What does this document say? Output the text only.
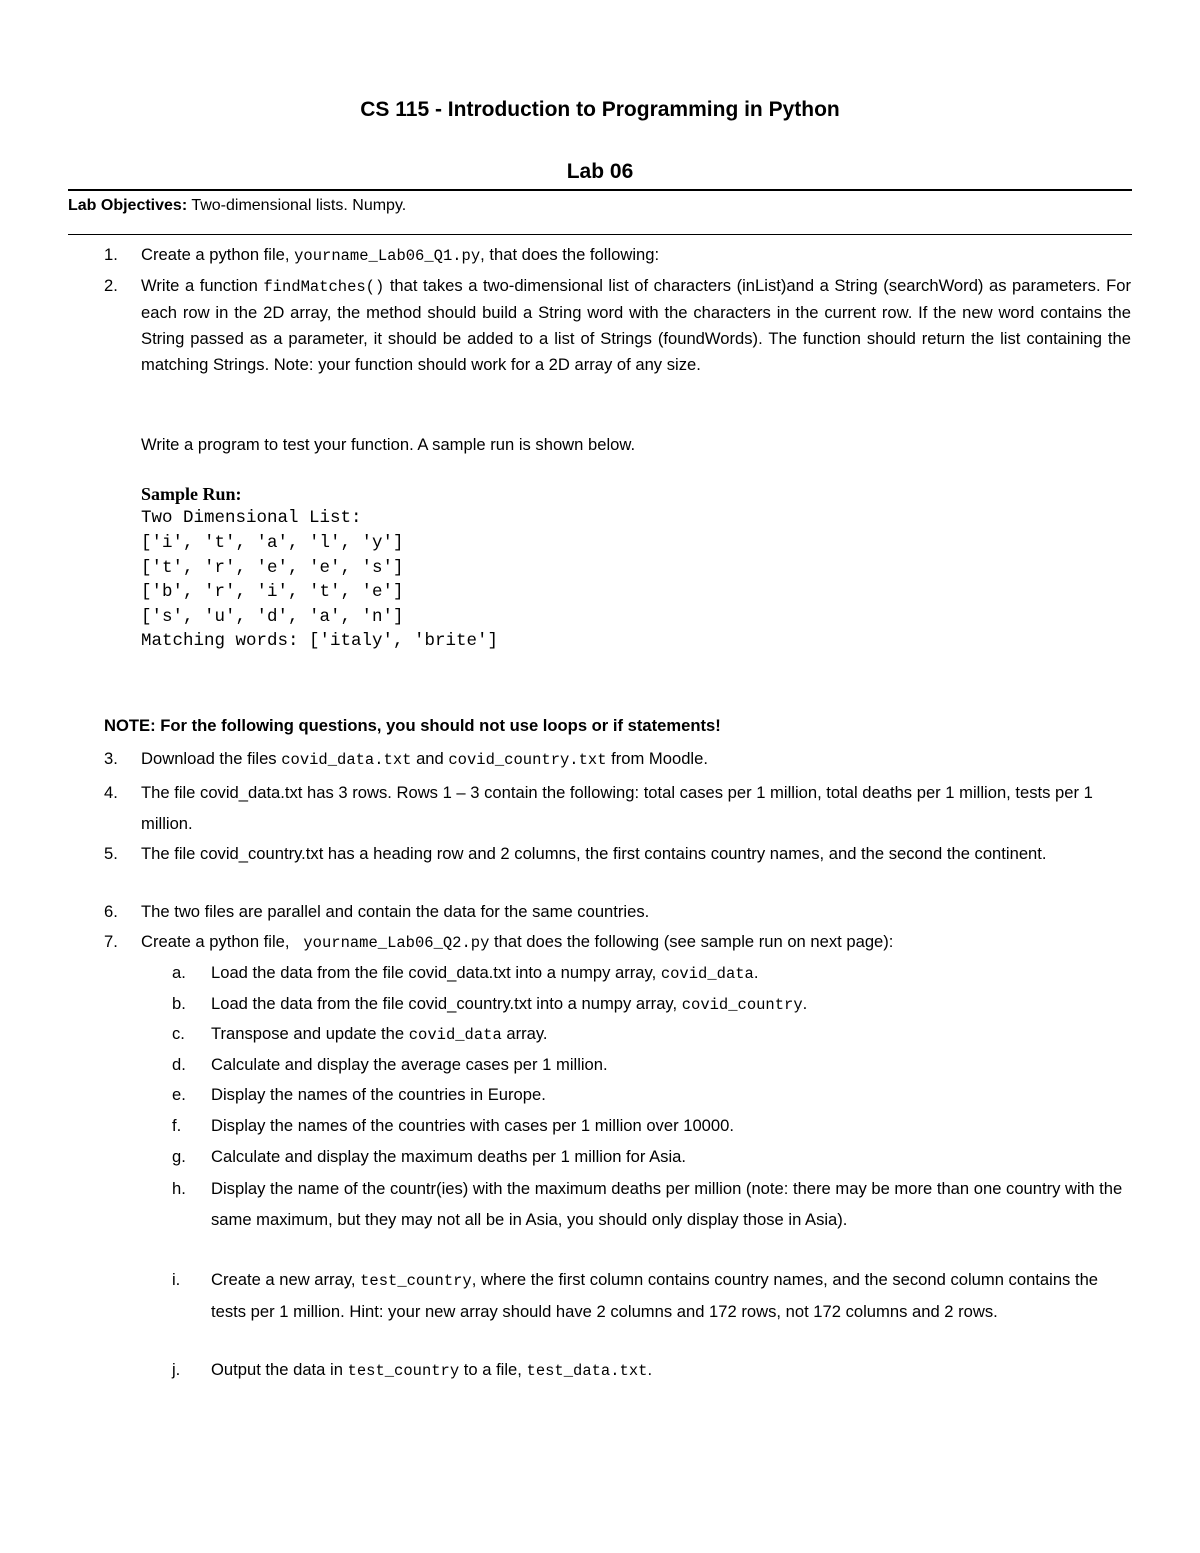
CS 115 - Introduction to Programming in Python
Lab 06
Lab Objectives: Two-dimensional lists. Numpy.
1.	Create a python file, yourname_Lab06_Q1.py, that does the following:
2.	Write a function findMatches() that takes a two-dimensional list of characters (inList)and a String (searchWord) as parameters. For each row in the 2D array, the method should build a String word with the characters in the current row. If the new word contains the String passed as a parameter, it should be added to a list of Strings (foundWords). The function should return the list containing the matching Strings. Note: your function should work for a 2D array of any size.
Write a program to test your function. A sample run is shown below.
Sample Run:
Two Dimensional List:
['i', 't', 'a', 'l', 'y']
['t', 'r', 'e', 'e', 's']
['b', 'r', 'i', 't', 'e']
['s', 'u', 'd', 'a', 'n']
Matching words: ['italy', 'brite']
NOTE: For the following questions, you should not use loops or if statements!
3.	Download the files covid_data.txt and covid_country.txt from Moodle.
4.	The file covid_data.txt has 3 rows. Rows 1 – 3 contain the following: total cases per 1 million, total deaths per 1 million, tests per 1 million.
5.	The file covid_country.txt has a heading row and 2 columns, the first contains country names, and the second the continent.
6.	The two files are parallel and contain the data for the same countries.
7.	Create a python file,   yourname_Lab06_Q2.py that does the following (see sample run on next page):
a.	Load the data from the file covid_data.txt into a numpy array, covid_data.
b.	Load the data from the file covid_country.txt into a numpy array, covid_country.
c.	Transpose and update the covid_data array.
d.	Calculate and display the average cases per 1 million.
e.	Display the names of the countries in Europe.
f.	Display the names of the countries with cases per 1 million over 10000.
g.	Calculate and display the maximum deaths per 1 million for Asia.
h.	Display the name of the countr(ies) with the maximum deaths per million (note: there may be more than one country with the same maximum, but they may not all be in Asia, you should only display those in Asia).
i.	Create a new array, test_country, where the first column contains country names, and the second column contains the tests per 1 million. Hint: your new array should have 2 columns and 172 rows, not 172 columns and 2 rows.
j.	Output the data in test_country to a file, test_data.txt.
